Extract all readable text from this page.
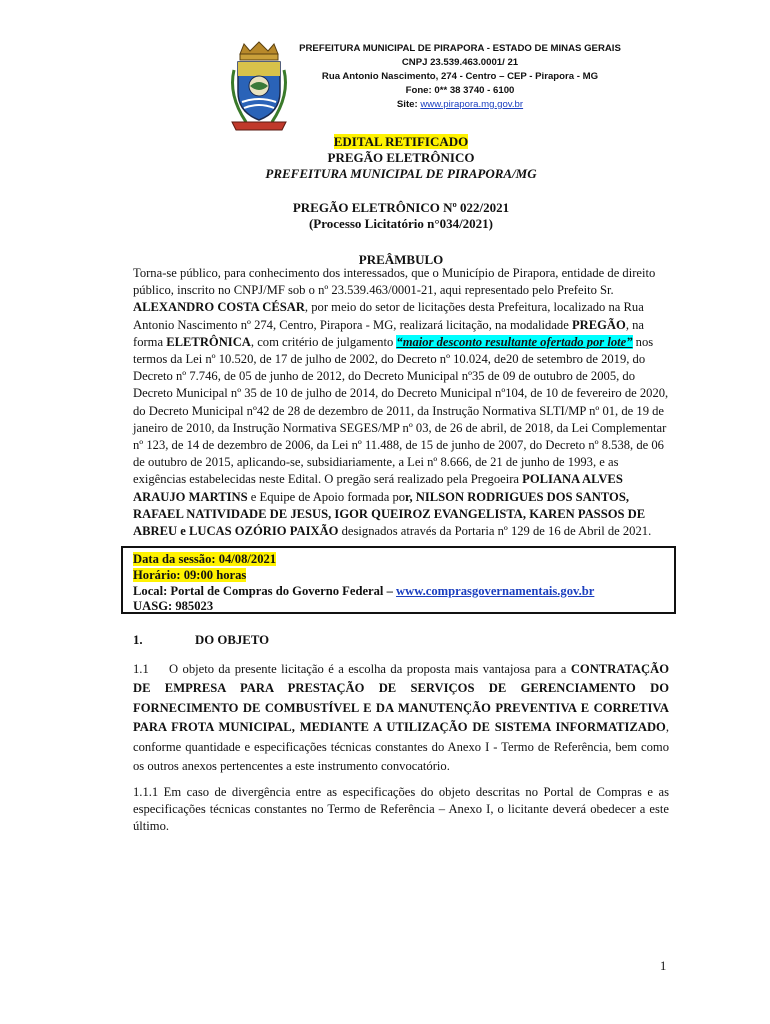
PREFEITURA MUNICIPAL DE PIRAPORA - ESTADO DE MINAS GERAIS
CNPJ 23.539.463.0001/ 21
Rua Antonio Nascimento, 274 - Centro – CEP - Pirapora - MG
Fone: 0** 38 3740 - 6100
Site: www.pirapora.mg.gov.br
EDITAL RETIFICADO
PREGÃO ELETRÔNICO
PREFEITURA MUNICIPAL DE PIRAPORA/MG
PREGÃO ELETRÔNICO Nº 022/2021
(Processo Licitatório n°034/2021)
PREÂMBULO
Torna-se público, para conhecimento dos interessados, que o Município de Pirapora, entidade de direito público, inscrito no CNPJ/MF sob o nº 23.539.463/0001-21, aqui representado pelo Prefeito Sr. ALEXANDRO COSTA CÉSAR, por meio do setor de licitações desta Prefeitura, localizado na Rua Antonio Nascimento nº 274, Centro, Pirapora - MG, realizará licitação, na modalidade PREGÃO, na forma ELETRÔNICA, com critério de julgamento “maior desconto resultante ofertado por lote” nos termos da Lei nº 10.520, de 17 de julho de 2002, do Decreto nº 10.024, de20 de setembro de 2019, do Decreto nº 7.746, de 05 de junho de 2012, do Decreto Municipal nº35 de 09 de outubro de 2005, do Decreto Municipal nº 35 de 10 de julho de 2014, do Decreto Municipal nº104, de 10 de fevereiro de 2020, do Decreto Municipal nº42 de 28 de dezembro de 2011, da Instrução Normativa SLTI/MP nº 01, de 19 de janeiro de 2010, da Instrução Normativa SEGES/MP nº 03, de 26 de abril, de 2018, da Lei Complementar nº 123, de 14 de dezembro de 2006, da Lei nº 11.488, de 15 de junho de 2007, do Decreto nº 8.538, de 06 de outubro de 2015, aplicando-se, subsidiariamente, a Lei nº 8.666, de 21 de junho de 1993, e as exigências estabelecidas neste Edital. O pregão será realizado pela Pregoeira POLIANA ALVES ARAUJO MARTINS e Equipe de Apoio formada por, NILSON RODRIGUES DOS SANTOS, RAFAEL NATIVIDADE DE JESUS, IGOR QUEIROZ EVANGELISTA, KAREN PASSOS DE ABREU e LUCAS OZÓRIO PAIXÃO designados através da Portaria nº 129 de 16 de Abril de 2021.
Data da sessão: 04/08/2021
Horário: 09:00 horas
Local: Portal de Compras do Governo Federal – www.comprasgovernamentais.gov.br
UASG: 985023
1.	DO OBJETO
1.1 O objeto da presente licitação é a escolha da proposta mais vantajosa para a CONTRATAÇÃO DE EMPRESA PARA PRESTAÇÃO DE SERVIÇOS DE GERENCIAMENTO DO FORNECIMENTO DE COMBUSTÍVEL E DA MANUTENÇÃO PREVENTIVA E CORRETIVA PARA FROTA MUNICIPAL, MEDIANTE A UTILIZAÇÃO DE SISTEMA INFORMATIZADO, conforme quantidade e especificações técnicas constantes do Anexo I - Termo de Referência, bem como os outros anexos pertencentes a este instrumento convocatório.
1.1.1 Em caso de divergência entre as especificações do objeto descritas no Portal de Compras e as especificações técnicas constantes no Termo de Referência – Anexo I, o licitante deverá obedecer a este último.
1
